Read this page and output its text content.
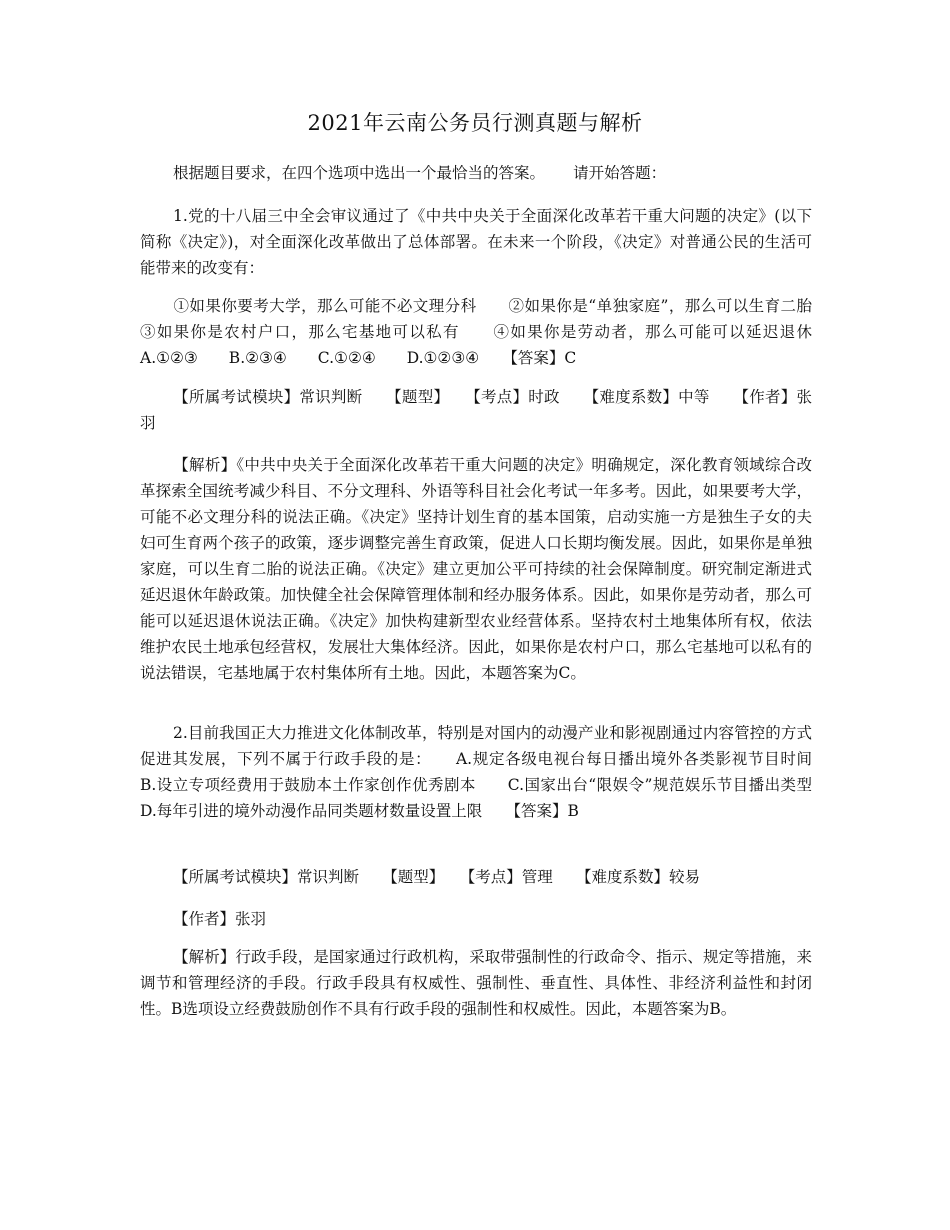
2021年云南公务员行测真题与解析

根据题目要求，在四个选项中选出一个最恰当的答案。　　 请开始答题：

1.党的十八届三中全会审议通过了《中共中央关于全面深化改革若干重大问题的决定》(以下简称《决定》)，对全面深化改革做出了总体部署。在未来一个阶段，《决定》对普通公民的生活可能带来的改变有：

①如果你要考大学，那么可能不必文理分科　　②如果你是“单独家庭”，那么可以生育二胎　　③如果你是农村户口，那么宅基地可以私有　　④如果你是劳动者，那么可能可以延迟退休　　A.①②③　　B.②③④　　C.①②④　　D.①②③④　　【答案】C

【所属考试模块】常识判断　　【题型】　　【考点】时政　　【难度系数】中等　　【作者】张羽

【解析】《中共中央关于全面深化改革若干重大问题的决定》明确规定，深化教育领域综合改革探索全国统考减少科目、不分文理科、外语等科目社会化考试一年多考。因此，如果要考大学，可能不必文理分科的说法正确。《决定》坚持计划生育的基本国策，启动实施一方是独生子女的夫妇可生育两个孩子的政策，逐步调整完善生育政策，促进人口长期均衡发展。因此，如果你是单独家庭，可以生育二胎的说法正确。《决定》建立更加公平可持续的社会保障制度。研究制定渐进式延迟退休年龄政策。加快健全社会保障管理体制和经办服务体系。因此，如果你是劳动者，那么可能可以延迟退休说法正确。《决定》加快构建新型农业经营体系。坚持农村土地集体所有权，依法维护农民土地承包经营权，发展壮大集体经济。因此，如果你是农村户口，那么宅基地可以私有的说法错误，宅基地属于农村集体所有土地。因此，本题答案为C。

2.目前我国正大力推进文化体制改革，特别是对国内的动漫产业和影视剧通过内容管控的方式促进其发展，下列不属于行政手段的是：　　A.规定各级电视台每日播出境外各类影视节目时间　　B.设立专项经费用于鼓励本土作家创作优秀剧本　　C.国家出台“限娱令”规范娱乐节目播出类型　　D.每年引进的境外动漫作品同类题材数量设置上限　　【答案】B

【所属考试模块】常识判断　　【题型】　　【考点】管理　　【难度系数】较易

【作者】张羽

【解析】行政手段，是国家通过行政机构，采取带强制性的行政命令、指示、规定等措施，来调节和管理经济的手段。行政手段具有权威性、强制性、垂直性、具体性、非经济利益性和封闭性。B选项设立经费鼓励创作不具有行政手段的强制性和权威性。因此，本题答案为B。
